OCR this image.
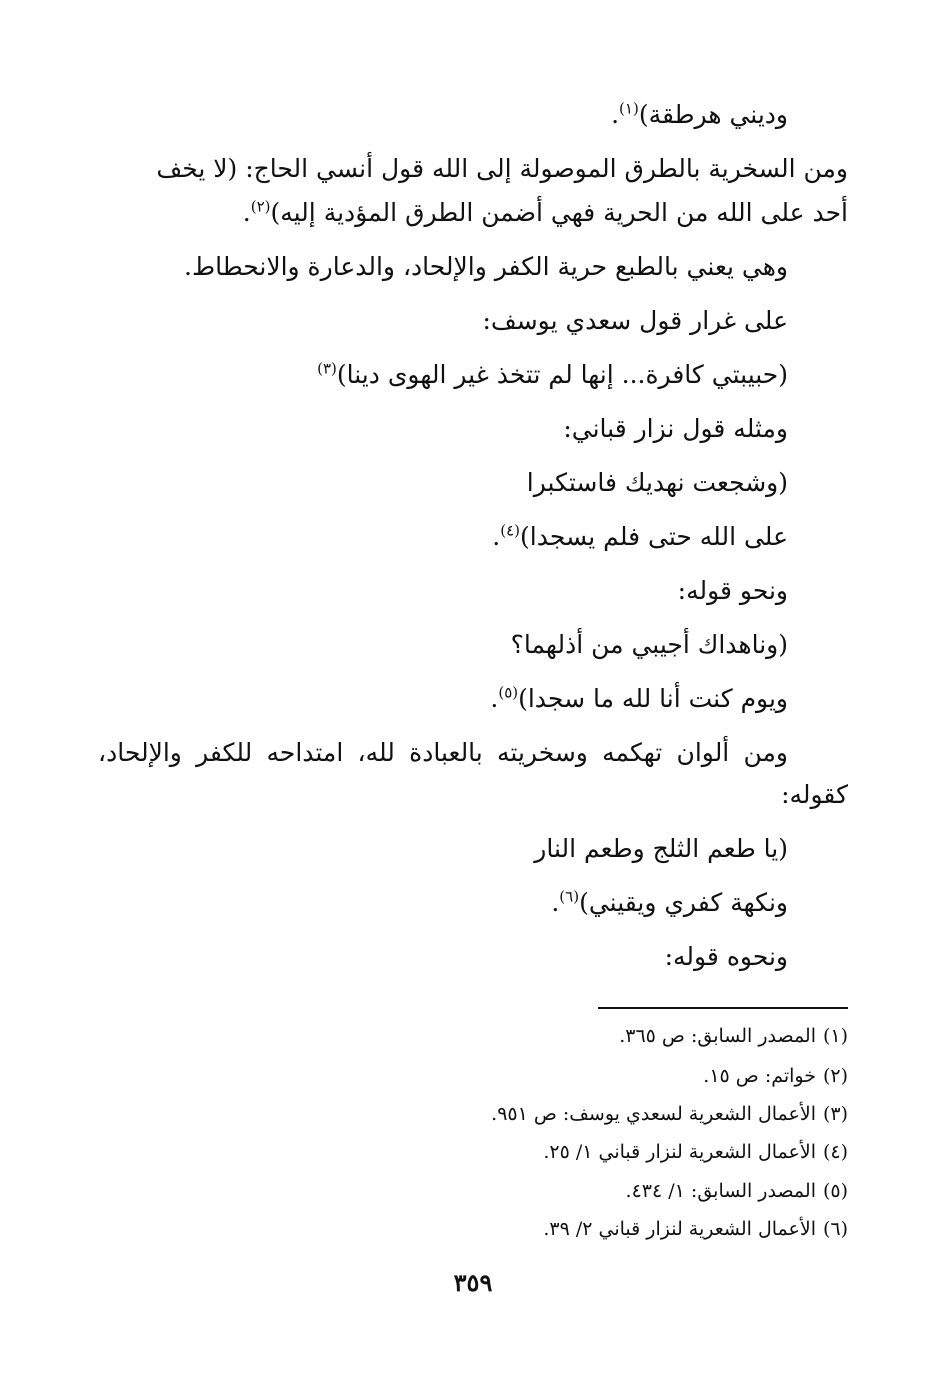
وديني هرطقة)$^{(١)}$.

ومن السخرية بالطرق الموصولة إلى الله قول أنسي الحاج: (لا يخف

أحد على الله من الحرية فهي أضمن الطرق المؤدية إليه)$^{(٢)}$.

وهي يعني بالطبع حرية الكفر والإلحاد، والدعارة والانحطاط.

على غرار قول سعدي يوسف:

(حبيبتي كافرة... إنها لم تتخذ غير الهوى دينا)$^{(٣)}$

ومثله قول نزار قباني:

(وشجعت نهديك فاستكبرا

على الله حتى فلم يسجدا)$^{(٤)}$.

ونحو قوله:

(وناهداك أجيبي من أذلهما؟

ويوم كنت أنا لله ما سجدا)$^{(٥)}$.

ومن ألوان تهكمه وسخريته بالعبادة لله، امتداحه للكفر والإلحاد،

كقوله:

(يا طعم الثلج وطعم النار

ونكهة كفري ويقيني)$^{(٦)}$.

ونحوه قوله:

(١)المصدر السابق: ص ٣٦٥.
(٢)خواتم: ص ١٥.
(٣)الأعمال الشعرية لسعدي يوسف: ص ٩٥١.
(٤)الأعمال الشعرية لنزار قباني ١/ ٢٥.
(٥)المصدر السابق: ١/ ٤٣٤.
(٦)الأعمال الشعرية لنزار قباني ٢/ ٣٩.
٣٥٩
